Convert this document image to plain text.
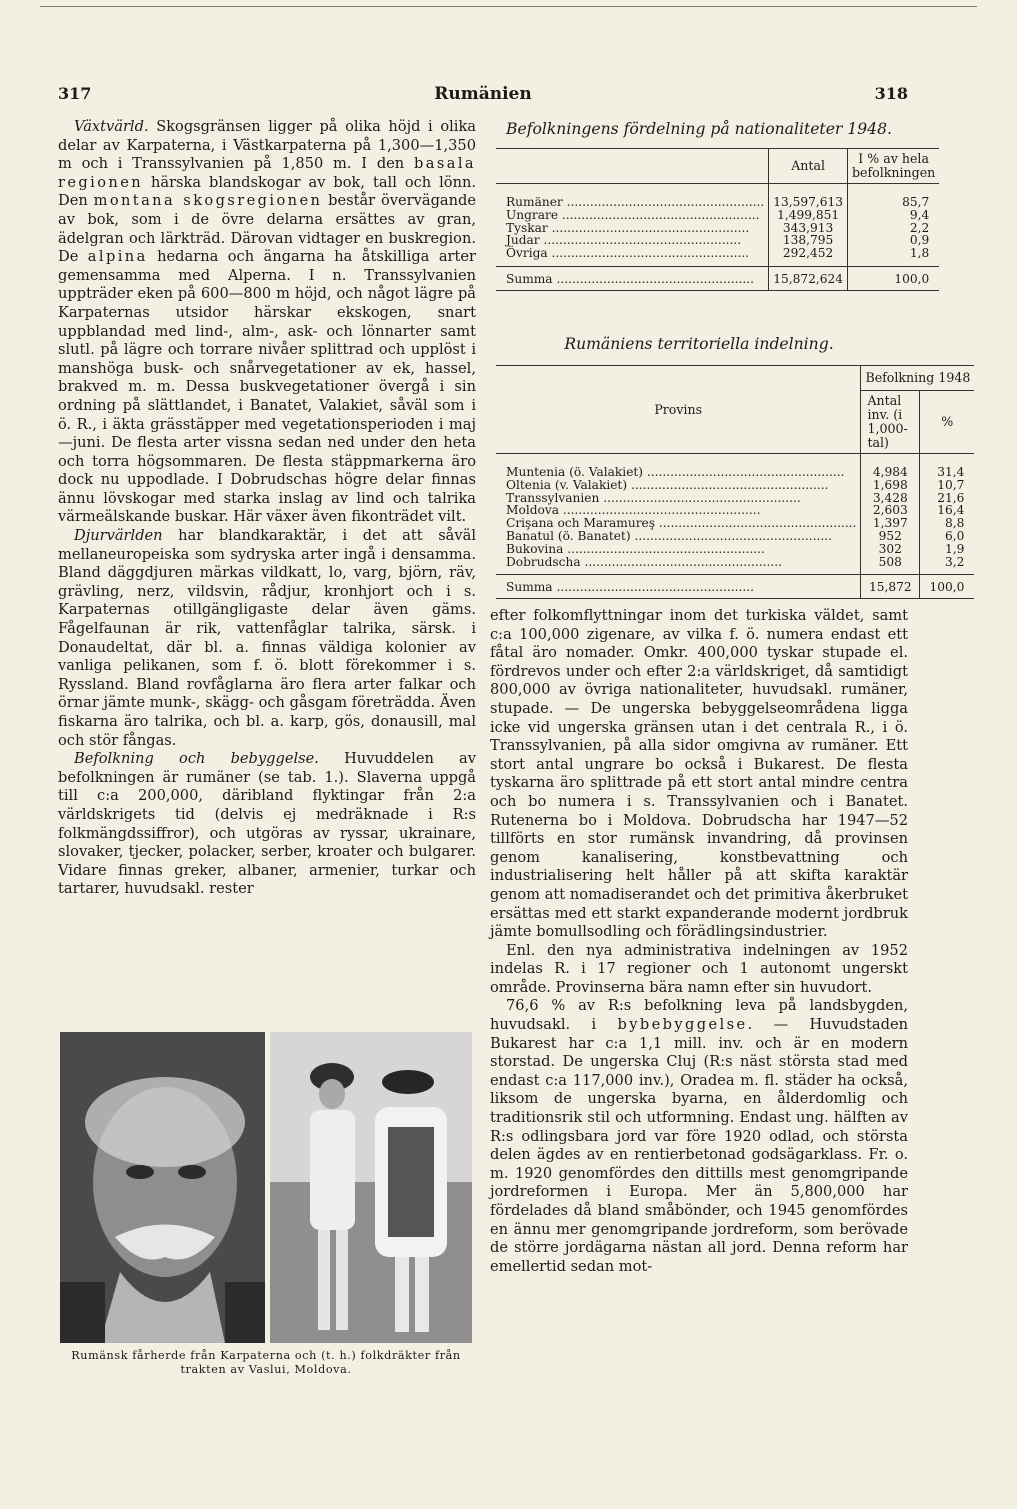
317	Rumänien	318

Växtvärld. Skogsgränsen ligger på olika höjd i olika delar av Karpaterna, i Västkarpaterna på 1,300—1,350 m och i Transsylvanien på 1,850 m. I den basala regionen härska blandskogar av bok, tall och lönn. Den montana skogsregionen består övervägande av bok, som i de övre delarna ersättes av gran, ädelgran och lärkträd. Därovan vidtager en buskregion. De alpina hedarna och ängarna ha åtskilliga arter gemensamma med Alperna. I n. Transsylvanien uppträder eken på 600—800 m höjd, och något lägre på Karpaternas utsidor härskar ekskogen, snart uppblandad med lind-, alm-, ask- och lönnarter samt slutl. på lägre och torrare nivåer splittrad och upplöst i manshöga busk- och snårvegetationer av ek, hassel, brakved m. m. Dessa buskvegetationer övergå i sin ordning på slättlandet, i Banatet, Valakiet, såväl som i ö. R., i äkta grässtäpper med vegetationsperioden i maj—juni. De flesta arter vissna sedan ned under den heta och torra högsommaren. De flesta stäppmarkerna äro dock nu uppodlade. I Dobrudschas högre delar finnas ännu lövskogar med starka inslag av lind och talrika värmeälskande buskar. Här växer även fikonträdet vilt.

Djurvärlden har blandkaraktär, i det att såväl mellaneuropeiska som sydryska arter ingå i densamma. Bland däggdjuren märkas vildkatt, lo, varg, björn, räv, grävling, nerz, vildsvin, rådjur, kronhjort och i s. Karpaternas otillgängligaste delar även gäms. Fågelfaunan är rik, vattenfåglar talrika, särsk. i Donaudeltat, där bl. a. finnas väldiga kolonier av vanliga pelikanen, som f. ö. blott förekommer i s. Ryssland. Bland rovfåglarna äro flera arter falkar och örnar jämte munk-, skägg- och gåsgam företrädda. Även fiskarna äro talrika, och bl. a. karp, gös, donausill, mal och stör fångas.

Befolkning och bebyggelse. Huvuddelen av befolkningen är rumäner (se tab. 1.). Slaverna uppgå till c:a 200,000, däribland flyktingar från 2:a världskrigets tid (delvis ej medräknade i R:s folkmängdssiffror), och utgöras av ryssar, ukrainare, slovaker, tjecker, polacker, serber, kroater och bulgarer. Vidare finnas greker, albaner, armenier, turkar och tartarer, huvudsakl. rester

Befolkningens fördelning på nationaliteter 1948.
	Antal	I % av hela befolkningen

Rumäner .....	13,597,613	85,7
Ungrare .....	1,499,851	9,4
Tyskar .....	343,913	2,2
Judar .....	138,795	0,9
Övriga .....	292,452	1,8
Summa .....	15,872,624	100,0
Rumäniens territoriella indelning.
Provins	Befolkning 1948	
	Antal inv. (i 1,000-tal)	%

Muntenia (ö. Valakiet) .....	4,984	31,4
Oltenia (v. Valakiet) .....	1,698	10,7
Transsylvanien .....	3,428	21,6
Moldova .....	2,603	16,4
Crişana och Maramureş .....	1,397	8,8
Banatul (ö. Banatet) .....	952	6,0
Bukovina .....	302	1,9
Dobrudscha .....	508	3,2
Summa .....	15,872	100,0

efter folkomflyttningar inom det turkiska väldet, samt c:a 100,000 zigenare, av vilka f. ö. numera endast ett fåtal äro nomader. Omkr. 400,000 tyskar stupade el. fördrevos under och efter 2:a världskriget, då samtidigt 800,000 av övriga nationaliteter, huvudsakl. rumäner, stupade. — De ungerska bebyggelseområdena ligga icke vid ungerska gränsen utan i det centrala R., i ö. Transsylvanien, på alla sidor omgivna av rumäner. Ett stort antal ungrare bo också i Bukarest. De flesta tyskarna äro splittrade på ett stort antal mindre centra och bo numera i s. Transsylvanien och i Banatet. Rutenerna bo i Moldova. Dobrudscha har 1947—52 tillförts en stor rumänsk invandring, då provinsen genom kanalisering, konstbevattning och industrialisering helt håller på att skifta karaktär genom att nomadiserandet och det primitiva åkerbruket ersättas med ett starkt expanderande modernt jordbruk jämte bomullsodling och förädlingsindustrier.

Enl. den nya administrativa indelningen av 1952 indelas R. i 17 regioner och 1 autonomt ungerskt område. Provinserna bära namn efter sin huvudort.

76,6 % av R:s befolkning leva på landsbygden, huvudsakl. i bybebyggelse. — Huvudstaden Bukarest har c:a 1,1 mill. inv. och är en modern storstad. De ungerska Cluj (R:s näst största stad med endast c:a 117,000 inv.), Oradea m. fl. städer ha också, liksom de ungerska byarna, en ålderdomlig och traditionsrik stil och utformning. Endast ung. hälften av R:s odlingsbara jord var före 1920 odlad, och största delen ägdes av en rentierbetonad godsägarklass. Fr. o. m. 1920 genomfördes den dittills mest genomgripande jordreformen i Europa. Mer än 5,800,000 har fördelades då bland småbönder, och 1945 genomfördes en ännu mer genomgripande jordreform, som berövade de större jordägarna nästan all jord. Denna reform har emellertid sedan mot-

Rumänsk fårherde från Karpaterna och (t. h.) folkdräkter från trakten av Vaslui, Moldova.
